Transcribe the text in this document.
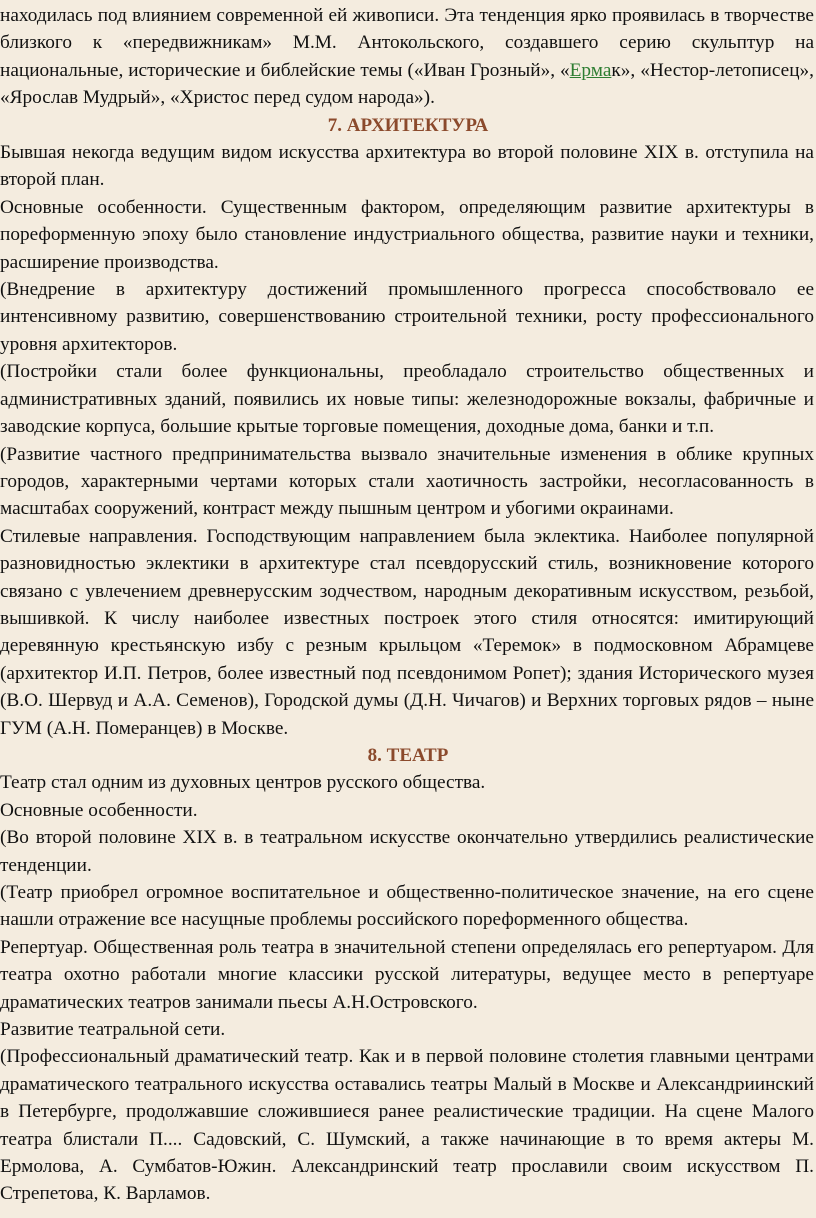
находилась под влиянием современной ей живописи. Эта тенденция ярко проявилась в творчестве близкого к «передвижникам» М.М. Антокольского, создавшего серию скульптур на национальные, исторические и библейские темы («Иван Грозный», «Ермак», «Нестор-летописец», «Ярослав Мудрый», «Христос перед судом народа»).

7. АРХИТЕКТУРА

Бывшая некогда ведущим видом искусства архитектура во второй половине XIX в. отступила на второй план.

Основные особенности. Существенным фактором, определяющим развитие архитектуры в пореформенную эпоху было становление индустриального общества, развитие науки и техники, расширение производства.

(Внедрение в архитектуру достижений промышленного прогресса способствовало ее интенсивному развитию, совершенствованию строительной техники, росту профессионального уровня архитекторов.

(Постройки стали более функциональны, преобладало строительство общественных и административных зданий, появились их новые типы: железнодорожные вокзалы, фабричные и заводские корпуса, большие крытые торговые помещения, доходные дома, банки и т.п.

(Развитие частного предпринимательства вызвало значительные изменения в облике крупных городов, характерными чертами которых стали хаотичность застройки, несогласованность в масштабах сооружений, контраст между пышным центром и убогими окраинами.

Стилевые направления. Господствующим направлением была эклектика. Наиболее популярной разновидностью эклектики в архитектуре стал псевдорусский стиль, возникновение которого связано с увлечением древнерусским зодчеством, народным декоративным искусством, резьбой, вышивкой. К числу наиболее известных построек этого стиля относятся: имитирующий деревянную крестьянскую избу с резным крыльцом «Теремок» в подмосковном Абрамцеве (архитектор И.П. Петров, более известный под псевдонимом Ропет); здания Исторического музея (В.О. Шервуд и А.А. Семенов), Городской думы (Д.Н. Чичагов) и Верхних торговых рядов – ныне ГУМ (А.Н. Померанцев) в Москве.

8. ТЕАТР

Театр стал одним из духовных центров русского общества.

Основные особенности.

(Во второй половине XIX в. в театральном искусстве окончательно утвердились реалистические тенденции.

(Театр приобрел огромное воспитательное и общественно-политическое значение, на его сцене нашли отражение все насущные проблемы российского пореформенного общества.

Репертуар. Общественная роль театра в значительной степени определялась его репертуаром. Для театра охотно работали многие классики русской литературы, ведущее место в репертуаре драматических театров занимали пьесы А.Н.Островского.

Развитие театральной сети.

(Профессиональный драматический театр. Как и в первой половине столетия главными центрами драматического театрального искусства оставались театры Малый в Москве и Александриинский в Петербурге, продолжавшие сложившиеся ранее реалистические традиции. На сцене Малого театра блистали П.... Садовский, С. Шумский, а также начинающие в то время актеры М. Ермолова, А. Сумбатов-Южин. Александринский театр прославили своим искусством П. Стрепетова, К. Варламов.
